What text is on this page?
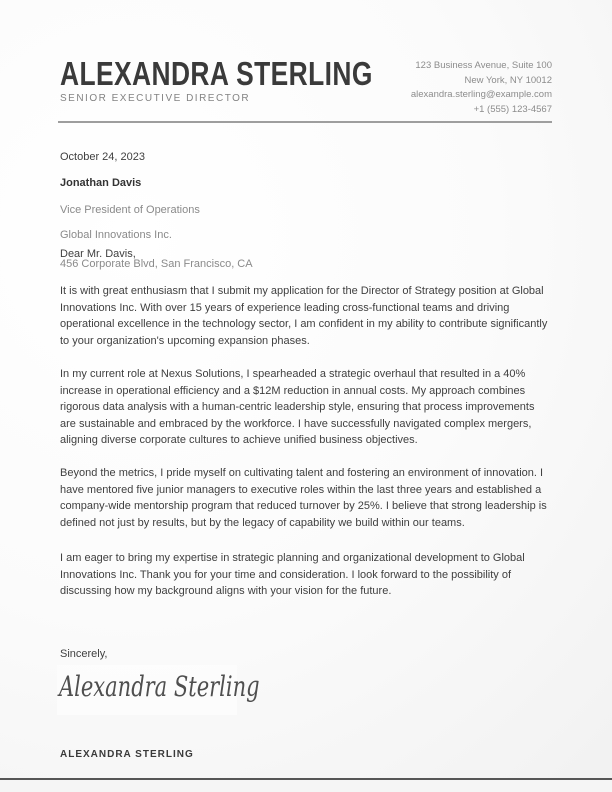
ALEXANDRA STERLING
SENIOR EXECUTIVE DIRECTOR
123 Business Avenue, Suite 100
New York, NY 10012
alexandra.sterling@example.com
+1 (555) 123-4567
October 24, 2023
Jonathan Davis
Vice President of Operations
Global Innovations Inc.
456 Corporate Blvd, San Francisco, CA
Dear Mr. Davis,

It is with great enthusiasm that I submit my application for the Director of Strategy position at Global Innovations Inc. With over 15 years of experience leading cross-functional teams and driving operational excellence in the technology sector, I am confident in my ability to contribute significantly to your organization's upcoming expansion phases.

In my current role at Nexus Solutions, I spearheaded a strategic overhaul that resulted in a 40% increase in operational efficiency and a $12M reduction in annual costs. My approach combines rigorous data analysis with a human-centric leadership style, ensuring that process improvements are sustainable and embraced by the workforce. I have successfully navigated complex mergers, aligning diverse corporate cultures to achieve unified business objectives.

Beyond the metrics, I pride myself on cultivating talent and fostering an environment of innovation. I have mentored five junior managers to executive roles within the last three years and established a company-wide mentorship program that reduced turnover by 25%. I believe that strong leadership is defined not just by results, but by the legacy of capability we build within our teams.

I am eager to bring my expertise in strategic planning and organizational development to Global Innovations Inc. Thank you for your time and consideration. I look forward to the possibility of discussing how my background aligns with your vision for the future.

Sincerely,
Alexandra Sterling
ALEXANDRA STERLING
